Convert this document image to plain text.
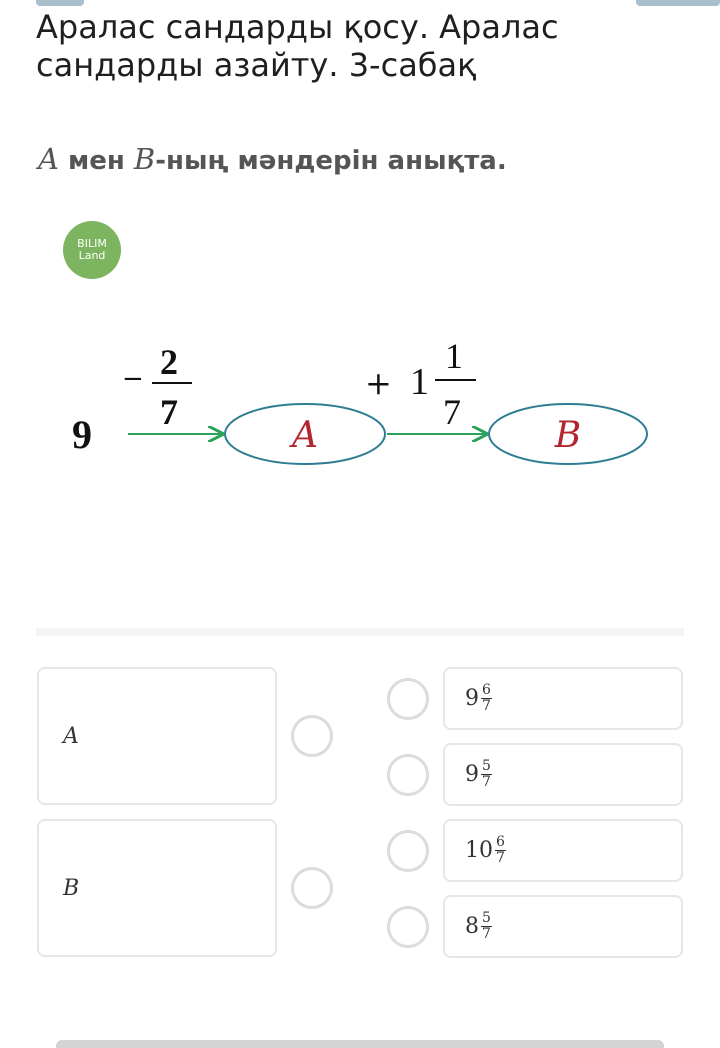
Аралас сандарды қосу. Аралас сандарды азайту. 3-сабақ
A мен B-ның мәндерін анықта.
BILIM
Land
9
− 2
7
A
+ 1
1
7
B
A
B
$9 \frac{6}{7}$
$9 \frac{5}{7}$
$10 \frac{6}{7}$
$8 \frac{5}{7}$
